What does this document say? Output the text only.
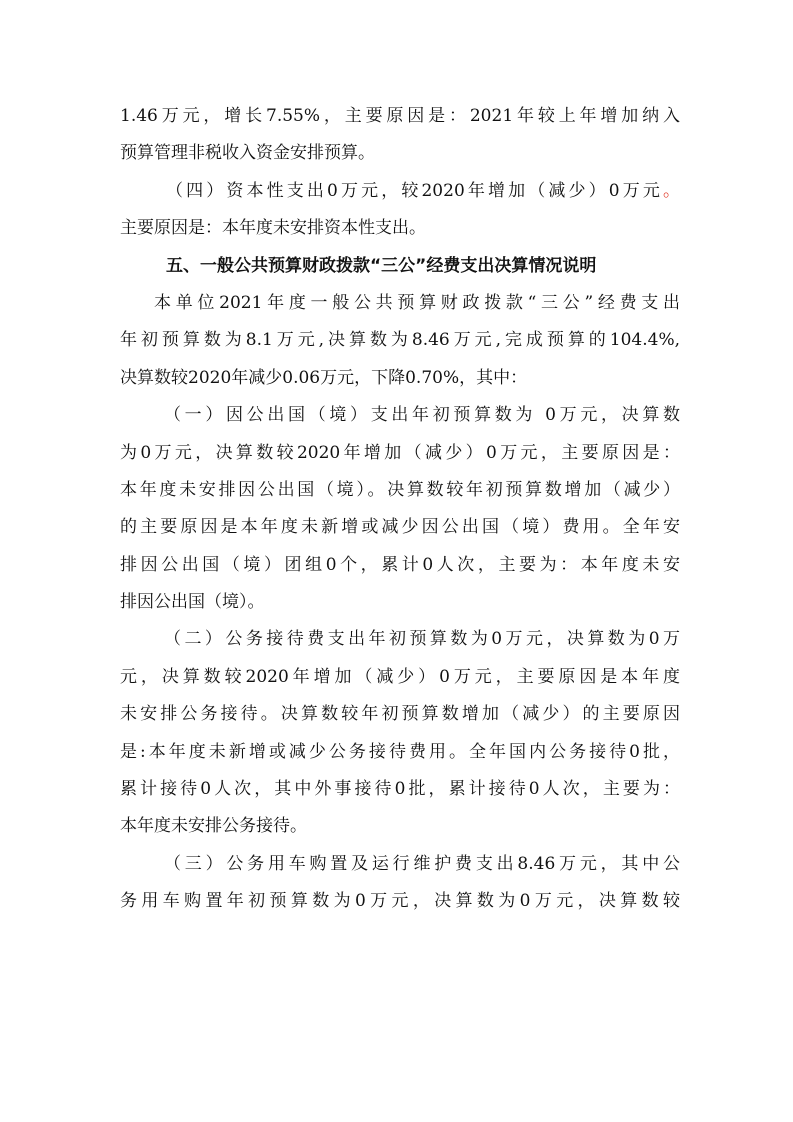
1.46万元，增长7.55%，主要原因是：2021年较上年增加纳入
预算管理非税收入资金安排预算。
（四）资本性支出0万元，较2020年增加（减少）0万元。
主要原因是：本年度未安排资本性支出。
五、一般公共预算财政拨款“三公”经费支出决算情况说明
本单位2021年度一般公共预算财政拨款“三公”经费支出
年初预算数为8.1万元,决算数为8.46万元,完成预算的104.4%,
决算数较2020年减少0.06万元，下降0.70%，其中：
（一）因公出国（境）支出年初预算数为 0万元，决算数
为0万元，决算数较2020年增加（减少）0万元，主要原因是：
本年度未安排因公出国（境）。决算数较年初预算数增加（减少）
的主要原因是本年度未新增或减少因公出国（境）费用。全年安
排因公出国（境）团组0个，累计0人次，主要为：本年度未安
排因公出国（境）。
（二）公务接待费支出年初预算数为0万元，决算数为0万
元，决算数较2020年增加（减少）0万元，主要原因是本年度
未安排公务接待。决算数较年初预算数增加（减少）的主要原因
是:本年度未新增或减少公务接待费用。全年国内公务接待0批，
累计接待0人次，其中外事接待0批，累计接待0人次，主要为：
本年度未安排公务接待。
（三）公务用车购置及运行维护费支出8.46万元，其中公
务用车购置年初预算数为0万元，决算数为0万元，决算数较
